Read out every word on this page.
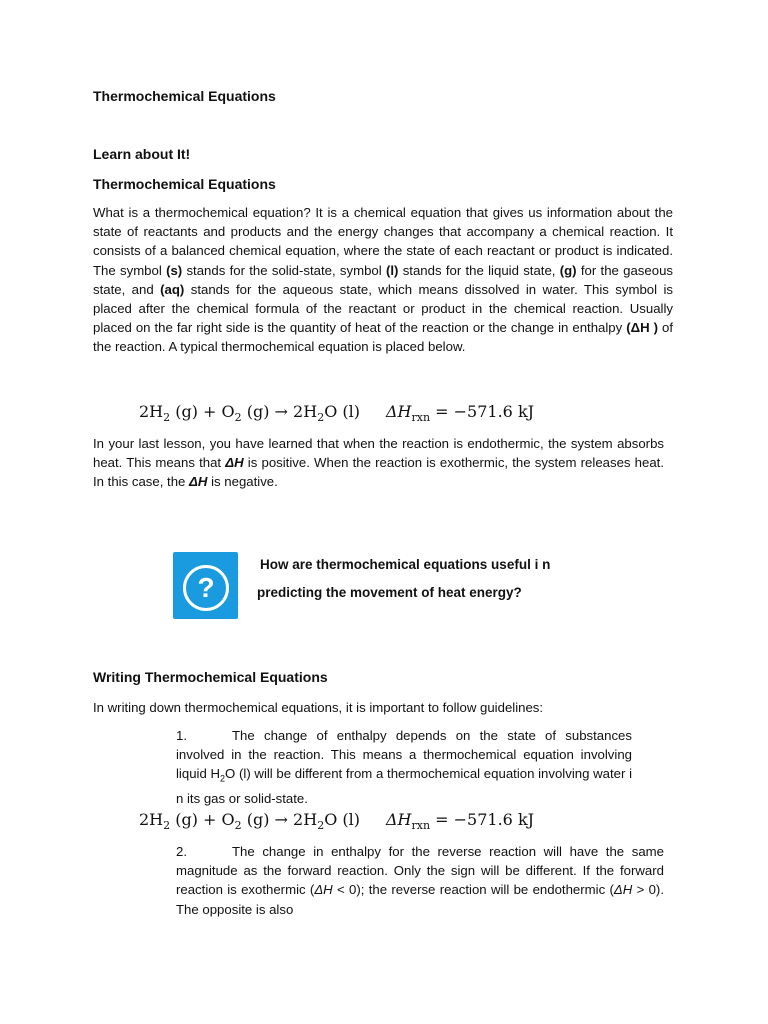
Thermochemical Equations
Learn about It!
Thermochemical Equations
What is a thermochemical equation? It is a chemical equation that gives us information about the state of reactants and products and the energy changes that accompany a chemical reaction. It consists of a balanced chemical equation, where the state of each reactant or product is indicated. The symbol (s) stands for the solid-state, symbol (l) stands for the liquid state, (g) for the gaseous state, and (aq) stands for the aqueous state, which means dissolved in water. This symbol is placed after the chemical formula of the reactant or product in the chemical reaction. Usually placed on the far right side is the quantity of heat of the reaction or the change in enthalpy (ΔH ) of the reaction. A typical thermochemical equation is placed below.
$2H_2$ $(g) + O_2$ $(g) \to 2H_2O$ (l) $\Delta H_{rxn} = -571.6$ kJ
In your last lesson, you have learned that when the reaction is endothermic, the system absorbs heat. This means that ΔH is positive. When the reaction is exothermic, the system releases heat. In this case, the ΔH is negative.
?
How are thermochemical equations useful i n
predicting the movement of heat energy?
Writing Thermochemical Equations
In writing down thermochemical equations, it is important to follow guidelines:
1.	The change of enthalpy depends on the state of substances involved in the reaction. This means a thermochemical equation involving liquid $H_2O$ (l) will be different from a thermochemical equation involving water i n its gas or solid-state.
$2H_2$ $(g) + O_2$ $(g) \to 2H_2O$ (l) $\Delta H_{rxn} = -571.6$ kJ
2.	The change in enthalpy for the reverse reaction will have the same magnitude as the forward reaction. Only the sign will be different. If the forward reaction is exothermic (ΔH < 0); the reverse reaction will be endothermic (ΔH > 0). The opposite is also
